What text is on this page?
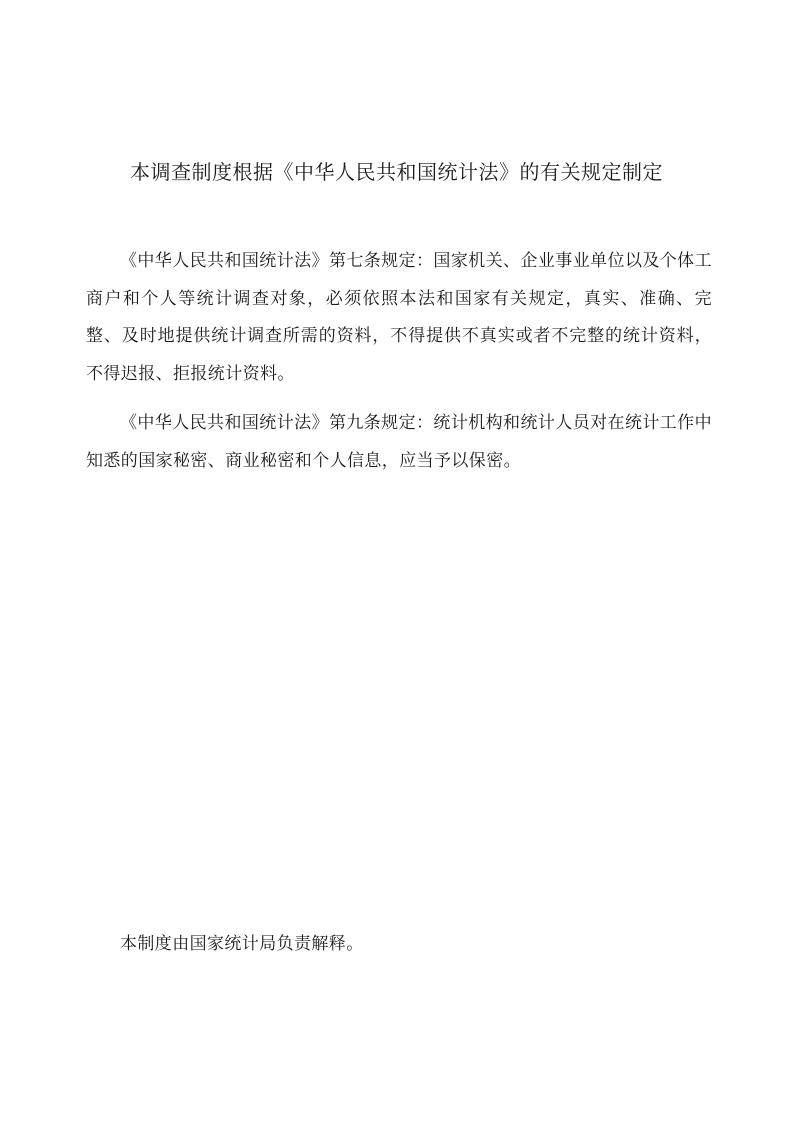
本调查制度根据《中华人民共和国统计法》的有关规定制定

《中华人民共和国统计法》第七条规定：国家机关、企业事业单位以及个体工商户和个人等统计调查对象，必须依照本法和国家有关规定，真实、准确、完整、及时地提供统计调查所需的资料，不得提供不真实或者不完整的统计资料，不得迟报、拒报统计资料。

《中华人民共和国统计法》第九条规定：统计机构和统计人员对在统计工作中知悉的国家秘密、商业秘密和个人信息，应当予以保密。

本制度由国家统计局负责解释。
